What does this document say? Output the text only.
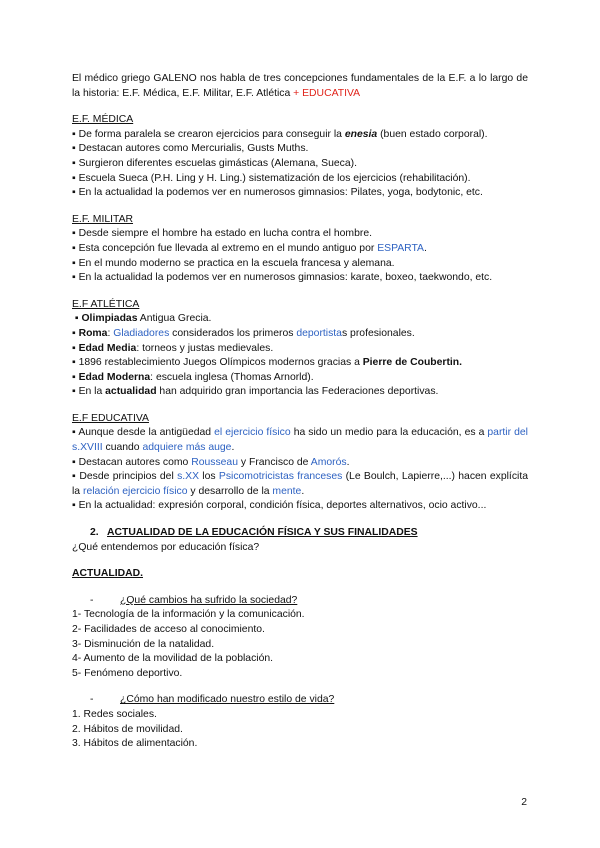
El médico griego GALENO nos habla de tres concepciones fundamentales de la E.F. a lo largo de la historia: E.F. Médica, E.F. Militar, E.F. Atlética + EDUCATIVA

E.F. MÉDICA

▪ De forma paralela se crearon ejercicios para conseguir la enesia (buen estado corporal).

▪ Destacan autores como Mercurialis, Gusts Muths.

▪ Surgieron diferentes escuelas gimásticas (Alemana, Sueca).

▪ Escuela Sueca (P.H. Ling y H. Ling.) sistematización de los ejercicios (rehabilitación).

▪ En la actualidad la podemos ver en numerosos gimnasios: Pilates, yoga, bodytonic, etc.

E.F. MILITAR

▪ Desde siempre el hombre ha estado en lucha contra el hombre.

▪ Esta concepción fue llevada al extremo en el mundo antiguo por ESPARTA.

▪ En el mundo moderno se practica en la escuela francesa y alemana.

▪ En la actualidad la podemos ver en numerosos gimnasios: karate, boxeo, taekwondo, etc.

E.F ATLÉTICA

▪ Olimpiadas Antigua Grecia.

▪ Roma: Gladiadores considerados los primeros deportistas profesionales.

▪ Edad Media: torneos y justas medievales.

▪ 1896 restablecimiento Juegos Olímpicos modernos gracias a Pierre de Coubertin.

▪ Edad Moderna: escuela inglesa (Thomas Arnorld).

▪ En la actualidad han adquirido gran importancia las Federaciones deportivas.

E.F EDUCATIVA

▪ Aunque desde la antigüedad el ejercicio físico ha sido un medio para la educación, es a partir del s.XVIII cuando adquiere más auge.

▪ Destacan autores como Rousseau y Francisco de Amorós.

▪ Desde principios del s.XX los Psicomotricistas franceses (Le Boulch, Lapierre,...) hacen explícita la relación ejercicio físico y desarrollo de la mente.

▪ En la actualidad: expresión corporal, condición física, deportes alternativos, ocio activo...

2. ACTUALIDAD DE LA EDUCACIÓN FÍSICA Y SUS FINALIDADES

¿Qué entendemos por educación física?

ACTUALIDAD.

-	¿Qué cambios ha sufrido la sociedad?

1- Tecnología de la información y la comunicación.

2- Facilidades de acceso al conocimiento.

3- Disminución de la natalidad.

4- Aumento de la movilidad de la población.

5- Fenómeno deportivo.

-	¿Cómo han modificado nuestro estilo de vida?

1. Redes sociales.

2. Hábitos de movilidad.

3. Hábitos de alimentación.

2
